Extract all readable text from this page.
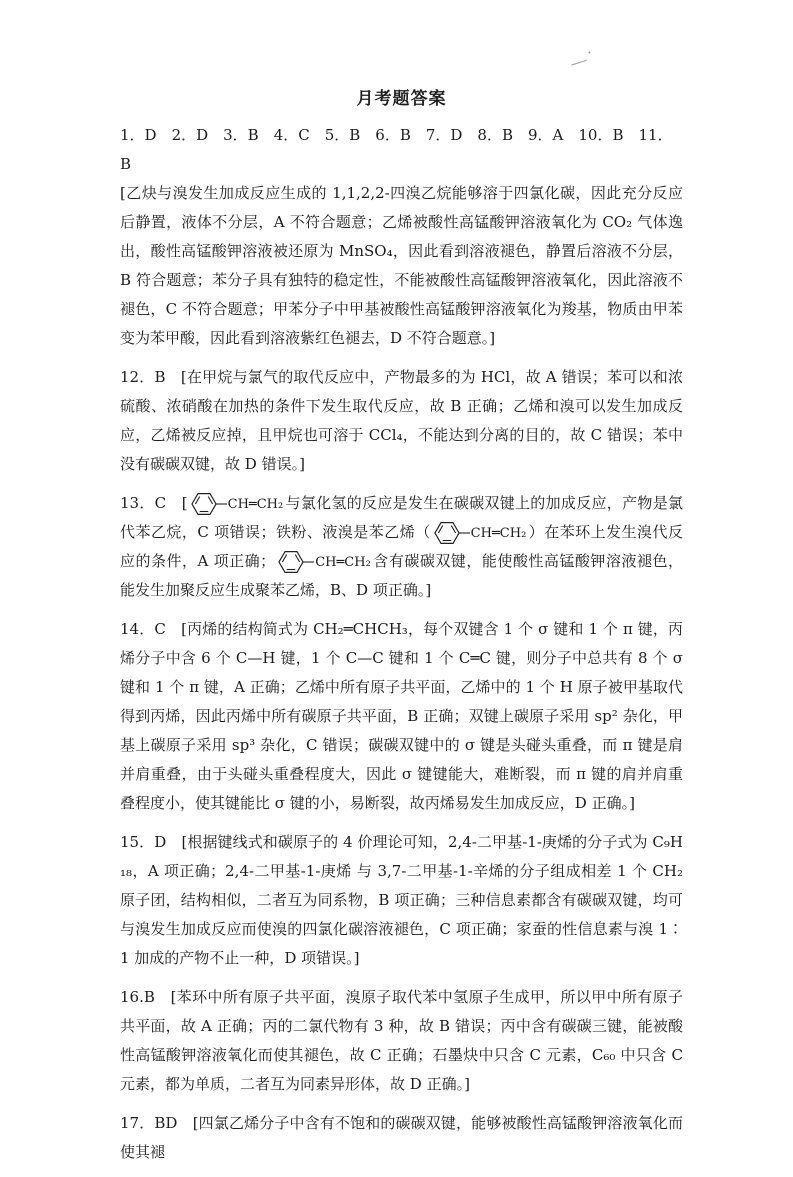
月考题答案

1．D　2．D　3．B　4．C　5．B　6．B　7．D　8．B　9．A　10．B　11．B

[乙炔与溴发生加成反应生成的 1,1,2,2-四溴乙烷能够溶于四氯化碳，因此充分反应后静置，液体不分层，A 不符合题意；乙烯被酸性高锰酸钾溶液氧化为 CO₂ 气体逸出，酸性高锰酸钾溶液被还原为 MnSO₄，因此看到溶液褪色，静置后溶液不分层，B 符合题意；苯分子具有独特的稳定性，不能被酸性高锰酸钾溶液氧化，因此溶液不褪色，C 不符合题意；甲苯分子中甲基被酸性高锰酸钾溶液氧化为羧基，物质由甲苯变为苯甲酸，因此看到溶液紫红色褪去，D 不符合题意。]

12．B　[在甲烷与氯气的取代反应中，产物最多的为 HCl，故 A 错误；苯可以和浓硫酸、浓硝酸在加热的条件下发生取代反应，故 B 正确；乙烯和溴可以发生加成反应，乙烯被反应掉，且甲烷也可溶于 CCl₄，不能达到分离的目的，故 C 错误；苯中没有碳碳双键，故 D 错误。]

13．C　[	CH═CH₂ 与氯化氢的反应是发生在碳碳双键上的加成反应，产物是氯代苯乙烷，C 项错误；铁粉、液溴是苯乙烯（	CH═CH₂ ）在苯环上发生溴代反应的条件，A 项正确；	CH═CH₂ 含有碳碳双键，能使酸性高锰酸钾溶液褪色，能发生加聚反应生成聚苯乙烯，B、D 项正确。]

14．C　[丙烯的结构简式为 CH₂═CHCH₃，每个双键含 1 个 σ 键和 1 个 π 键，丙烯分子中含 6 个 C—H 键，1 个 C—C 键和 1 个 C═C 键，则分子中总共有 8 个 σ 键和 1 个 π 键，A 正确；乙烯中所有原子共平面，乙烯中的 1 个 H 原子被甲基取代得到丙烯，因此丙烯中所有碳原子共平面，B 正确；双键上碳原子采用 sp² 杂化，甲基上碳原子采用 sp³ 杂化，C 错误；碳碳双键中的 σ 键是头碰头重叠，而 π 键是肩并肩重叠，由于头碰头重叠程度大，因此 σ 键键能大，难断裂，而 π 键的肩并肩重叠程度小，使其键能比 σ 键的小，易断裂，故丙烯易发生加成反应，D 正确。]

15．D　[根据键线式和碳原子的 4 价理论可知，2,4-二甲基-1-庚烯的分子式为 C₉H₁₈，A 项正确；2,4-二甲基-1-庚烯 与 3,7-二甲基-1-辛烯的分子组成相差 1 个 CH₂ 原子团，结构相似，二者互为同系物，B 项正确；三种信息素都含有碳碳双键，均可与溴发生加成反应而使溴的四氯化碳溶液褪色，C 项正确；家蚕的性信息素与溴 1∶1 加成的产物不止一种，D 项错误。]

16.B　[苯环中所有原子共平面，溴原子取代苯中氢原子生成甲，所以甲中所有原子共平面，故 A 正确；丙的二氯代物有 3 种，故 B 错误；丙中含有碳碳三键，能被酸性高锰酸钾溶液氧化而使其褪色，故 C 正确；石墨炔中只含 C 元素，C₆₀ 中只含 C 元素，都为单质，二者互为同素异形体，故 D 正确。]

17．BD　[四氯乙烯分子中含有不饱和的碳碳双键，能够被酸性高锰酸钾溶液氧化而使其褪
